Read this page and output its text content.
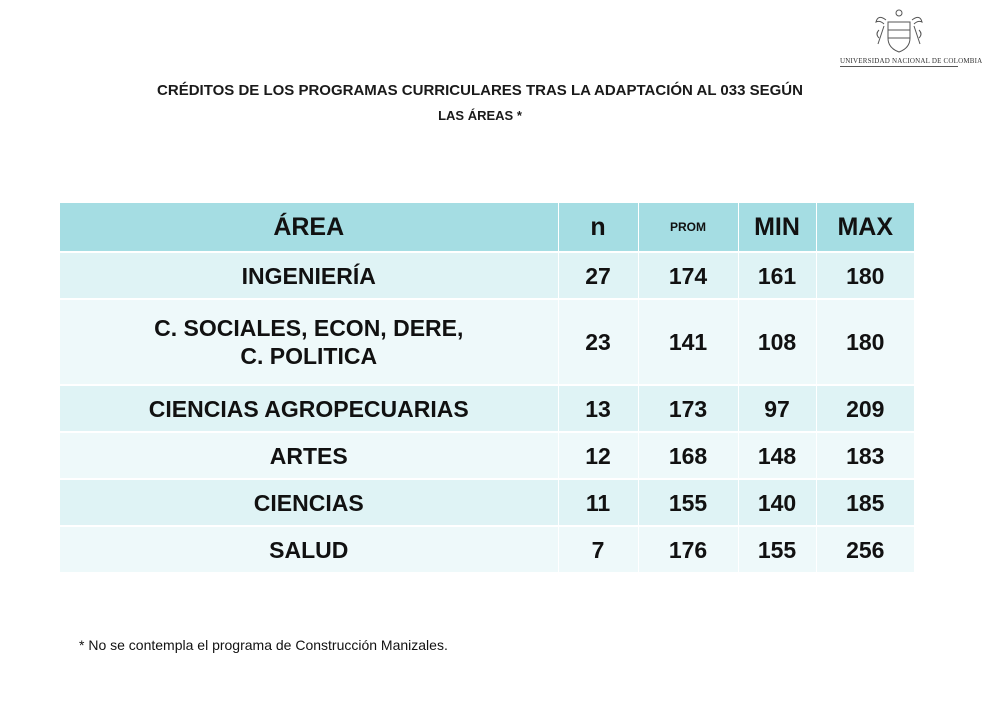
UNIVERSIDAD NACIONAL DE COLOMBIA
CRÉDITOS DE LOS PROGRAMAS CURRICULARES TRAS LA ADAPTACIÓN AL 033 SEGÚN
LAS ÁREAS *
ÁREA	n	PROM	MIN	MAX
INGENIERÍA	27	174	161	180

C. SOCIALES, ECON, DERE,
C. POLITICA	23	141	108	180
CIENCIAS AGROPECUARIAS	13	173	97	209
ARTES	12	168	148	183
CIENCIAS	11	155	140	185
SALUD	7	176	155	256
* No se contempla el programa de Construcción Manizales.
